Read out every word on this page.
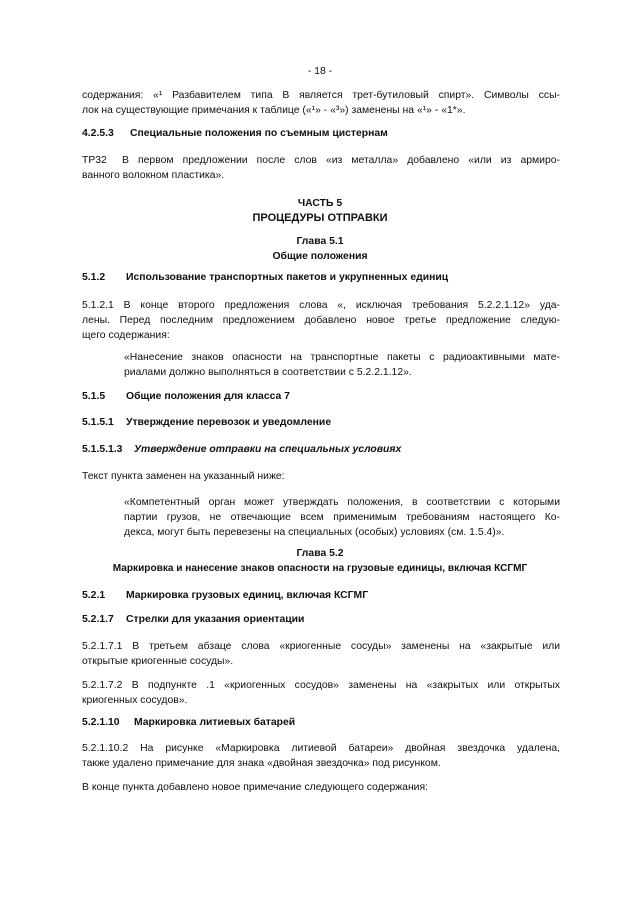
- 18 -
содержания: «¹ Разбавителем типа В является трет-бутиловый спирт». Символы ссы-
лок на существующие примечания к таблице («¹» - «³») заменены на «¹» - «1*».
4.2.5.3 Специальные положения по съемным цистернам
TP32 В первом предложении после слов «из металла» добавлено «или из армиро-
ванного волокном пластика».
ЧАСТЬ 5
ПРОЦЕДУРЫ ОТПРАВКИ
Глава 5.1
Общие положения
5.1.2 Использование транспортных пакетов и укрупненных единиц
5.1.2.1 В конце второго предложения слова «, исключая требования 5.2.2.1.12» уда-
лены. Перед последним предложением добавлено новое третье предложение следую-
щего содержания:
«Нанесение знаков опасности на транспортные пакеты с радиоактивными мате-
риалами должно выполняться в соответствии с 5.2.2.1.12».
5.1.5 Общие положения для класса 7
5.1.5.1 Утверждение перевозок и уведомление
5.1.5.1.3 Утверждение отправки на специальных условиях
Текст пункта заменен на указанный ниже:
«Компетентный орган может утверждать положения, в соответствии с которыми
партии грузов, не отвечающие всем применимым требованиям настоящего Ко-
декса, могут быть перевезены на специальных (особых) условиях (см. 1.5.4)».
Глава 5.2
Маркировка и нанесение знаков опасности на грузовые единицы, включая КСГМГ
5.2.1 Маркировка грузовых единиц, включая КСГМГ
5.2.1.7 Стрелки для указания ориентации
5.2.1.7.1 В третьем абзаце слова «криогенные сосуды» заменены на «закрытые или
открытые криогенные сосуды».
5.2.1.7.2 В подпункте .1 «криогенных сосудов» заменены на «закрытых или открытых
криогенных сосудов».
5.2.1.10 Маркировка литиевых батарей
5.2.1.10.2 На рисунке «Маркировка литиевой батареи» двойная звездочка удалена,
также удалено примечание для знака «двойная звездочка» под рисунком.
В конце пункта добавлено новое примечание следующего содержания:
